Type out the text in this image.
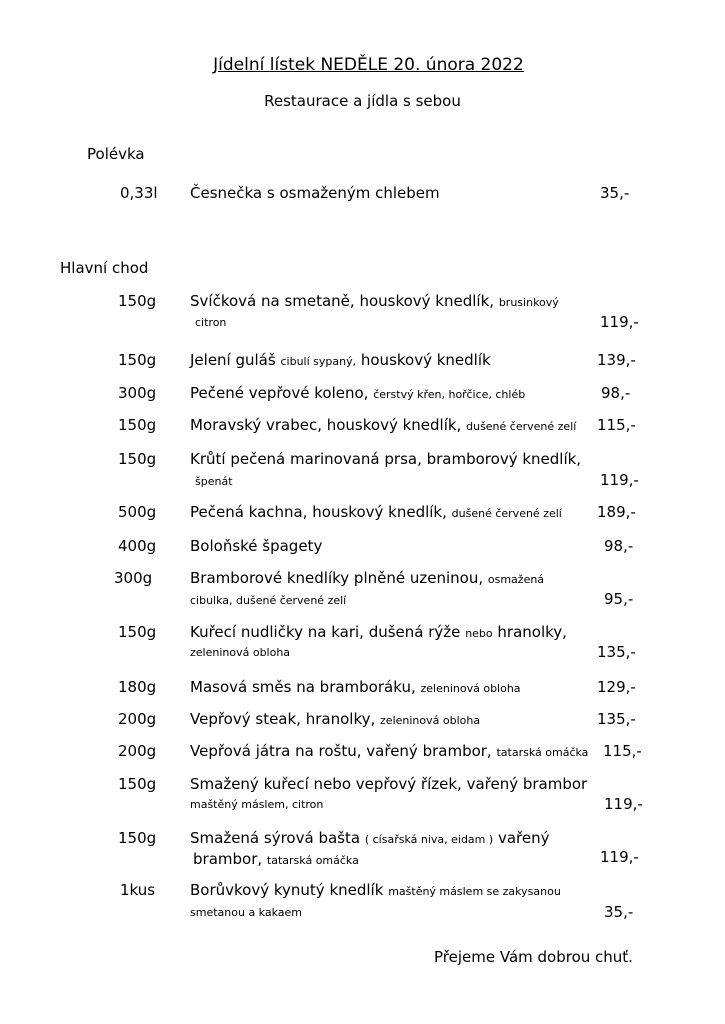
Jídelní lístek NEDĚLE 20. února 2022
Restaurace a jídla s sebou
Polévka
0,33l Česnečka s osmaženým chlebem	35,-
Hlavní chod
150g Svíčková na smetaně, houskový knedlík, brusinkový
citron	119,-
150g Jelení guláš cibulí sypaný, houskový knedlík	139,-
300g Pečené vepřové koleno, čerstvý křen, hořčice, chléb	98,-
150g Moravský vrabec, houskový knedlík, dušené červené zelí 115,-
150g Krůtí pečená marinovaná prsa, bramborový knedlík,
špenát	119,-
500g Pečená kachna, houskový knedlík, dušené červené zelí 189,-
400g Boloňské špagety	98,-
300g	Bramborové knedlíky plněné uzeninou, osmažená
cibulka, dušené červené zelí	95,-
150g Kuřecí nudličky na kari, dušená rýže nebo hranolky,
zeleninová obloha	135,-
180g Masová směs na bramboráku, zeleninová obloha	129,-
200g Vepřový steak, hranolky, zeleninová obloha	135,-
200g Vepřová játra na roštu, vařený brambor, tatarská omáčka 115,-
150g Smažený kuřecí nebo vepřový řízek, vařený brambor
maštěný máslem, citron	119,-
150g Smažená sýrová bašta ( císařská niva, eidam ) vařený
brambor, tatarská omáčka	119,-
1kus Borůvkový kynutý knedlík maštěný máslem se zakysanou
smetanou a kakaem	35,-
Přejeme Vám dobrou chuť.
